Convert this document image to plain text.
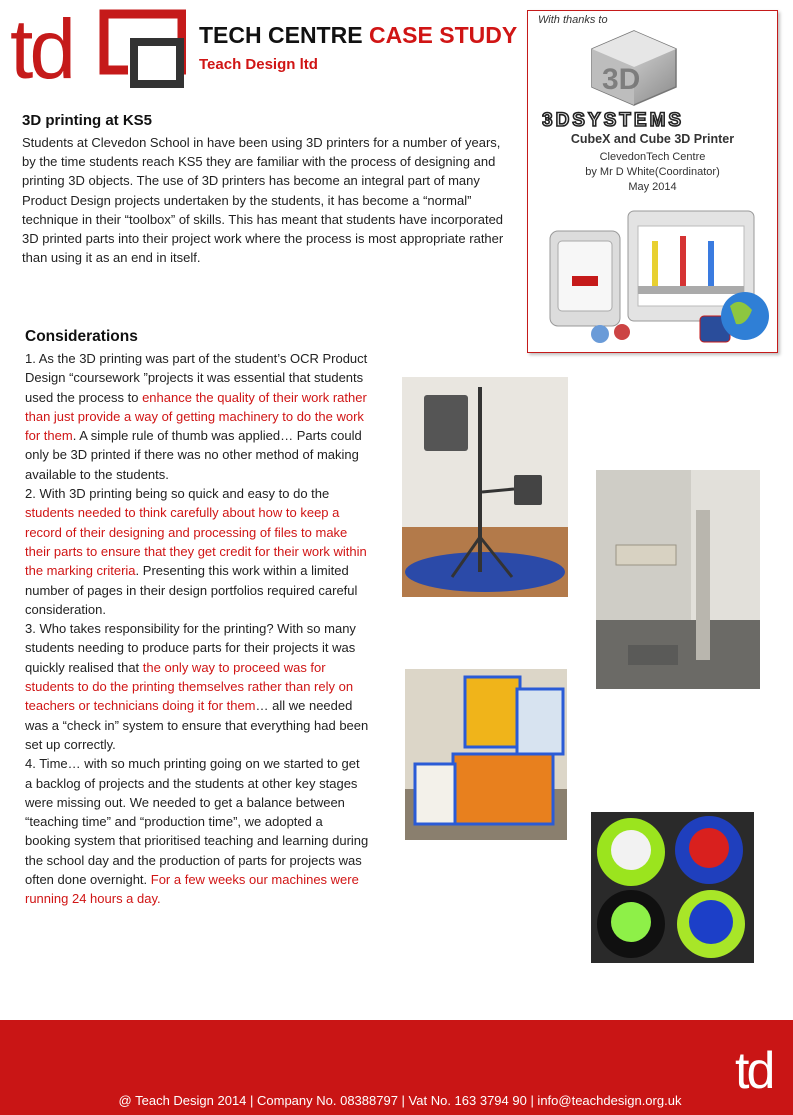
td	TECH CENTRE CASE STUDY
Teach Design ltd
With thanks to
3D
3DSYSTEMS
CubeX and Cube 3D Printer
ClevedonTech Centre
by Mr D White(Coordinator)
May 2014
3D printing at KS5
Students at Clevedon School in have been using 3D printers for a number of years, by the time students reach KS5 they are familiar with the process of designing and printing 3D objects. The use of 3D printers has become an integral part of many Product Design projects undertaken by the students, it has become a “normal” technique in their “toolbox” of skills. This has meant that students have incorporated 3D printed parts into their project work where the process is most appropriate rather than using it as an end in itself.
Considerations

1. As the 3D printing was part of the student’s OCR Product Design “coursework ”projects it was essential that students used the process to enhance the quality of their work rather than just provide a way of getting machinery to do the work for them. A simple rule of thumb was applied… Parts could only be 3D printed if there was no other method of making available to the students.

2. With 3D printing being so quick and easy to do the students needed to think carefully about how to keep a record of their designing and processing of files to make their parts to ensure that they get credit for their work within the marking criteria. Presenting this work within a limited number of pages in their design portfolios required careful consideration.

3. Who takes responsibility for the printing? With so many students needing to produce parts for their projects it was quickly realised that the only way to proceed was for students to do the printing themselves rather than rely on teachers or technicians doing it for them… all we needed was a “check in” system to ensure that everything had been set up correctly.

4. Time… with so much printing going on we started to get a backlog of projects and the students at other key stages were missing out. We needed to get a balance between “teaching time” and “production time”, we adopted a booking system that prioritised teaching and learning during the school day and the production of parts for projects was often done overnight. For a few weeks our machines were running 24 hours a day.

td
@ Teach Design 2014 | Company No. 08388797 | Vat No. 163 3794 90 | info@teachdesign.org.uk
